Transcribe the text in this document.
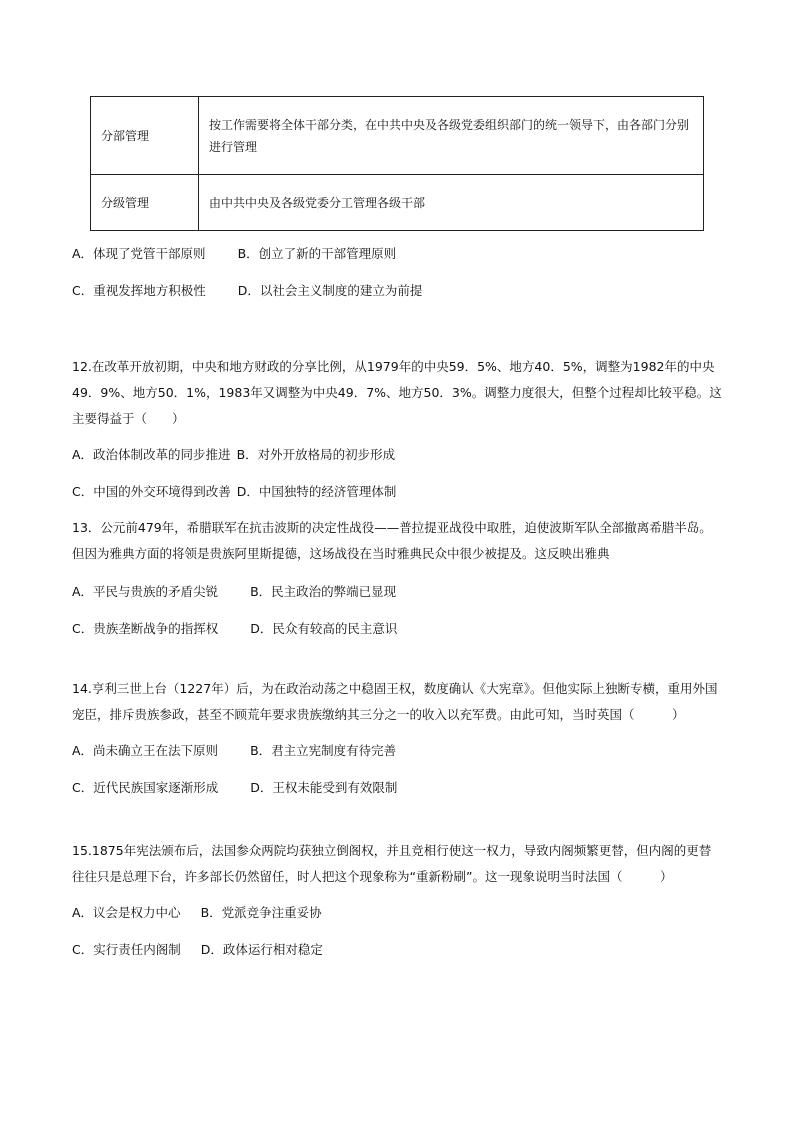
分部管理	按工作需要将全体干部分类，在中共中央及各级党委组织部门的统一领导下，由各部门分别进行管理
分级管理	由中共中央及各级党委分工管理各级干部
A．体现了党管干部原则	B．创立了新的干部管理原则
C．重视发挥地方积极性	D．以社会主义制度的建立为前提
12.在改革开放初期，中央和地方财政的分享比例，从1979年的中央59．5%、地方40．5%，调整为1982年的中央49．9%、地方50．1%，1983年又调整为中央49．7%、地方50．3%。调整力度很大，但整个过程却比较平稳。这主要得益于（　　）
A．政治体制改革的同步推进 B．对外开放格局的初步形成
C．中国的外交环境得到改善 D．中国独特的经济管理体制
13．公元前479年，希腊联军在抗击波斯的决定性战役——普拉提亚战役中取胜，迫使波斯军队全部撤离希腊半岛。但因为雅典方面的将领是贵族阿里斯提德，这场战役在当时雅典民众中很少被提及。这反映出雅典
A．平民与贵族的矛盾尖锐	B．民主政治的弊端已显现
C．贵族垄断战争的指挥权	D．民众有较高的民主意识
14.亨利三世上台（1227年）后，为在政治动荡之中稳固王权，数度确认《大宪章》。但他实际上独断专横，重用外国宠臣，排斥贵族参政，甚至不顾荒年要求贵族缴纳其三分之一的收入以充军费。由此可知，当时英国（　　　）
A．尚未确立王在法下原则	B．君主立宪制度有待完善
C．近代民族国家逐渐形成	D．王权未能受到有效限制
15.1875年宪法颁布后，法国参众两院均获独立倒阁权，并且竞相行使这一权力，导致内阁频繁更替，但内阁的更替往往只是总理下台，许多部长仍然留任，时人把这个现象称为“重新粉刷”。这一现象说明当时法国（　　　）
A．议会是权力中心 B．党派竞争注重妥协
C．实行责任内阁制 D．政体运行相对稳定
